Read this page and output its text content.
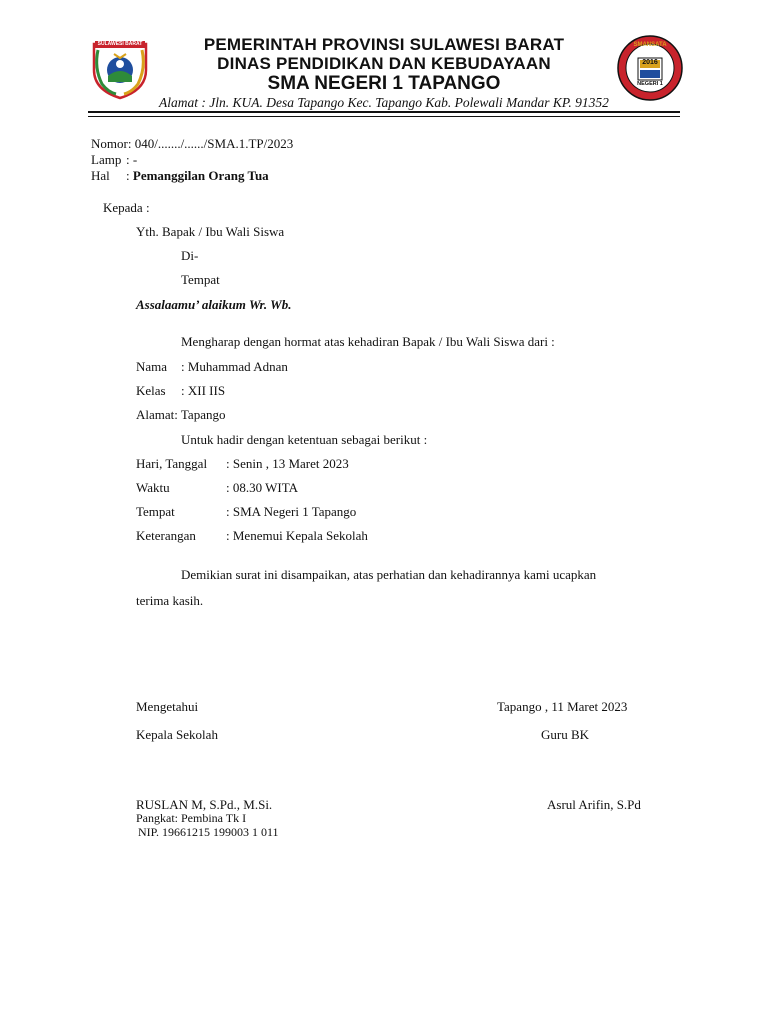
SULAWESI BARAT	SMANSATA
2016
NEGERI 1
PEMERINTAH PROVINSI SULAWESI BARAT
DINAS PENDIDIKAN DAN KEBUDAYAAN
SMA NEGERI 1 TAPANGO
Alamat : Jln. KUA. Desa Tapango Kec. Tapango Kab. Polewali Mandar KP. 91352
Nomor: 040/......./....../SMA.1.TP/2023
Lamp : -
Hal : Pemanggilan Orang Tua
Kepada :
Yth. Bapak / Ibu Wali Siswa
Di-
Tempat
Assalaamu’ alaikum Wr. Wb.
Mengharap dengan hormat atas kehadiran Bapak / Ibu Wali Siswa dari :
Nama : Muhammad Adnan
Kelas : XII IIS
Alamat: Tapango
Untuk hadir dengan ketentuan sebagai berikut :
Hari, Tanggal : Senin , 13 Maret 2023
Waktu	: 08.30 WITA
Tempat	: SMA Negeri 1 Tapango
Keterangan : Menemui Kepala Sekolah
Demikian surat ini disampaikan, atas perhatian dan kehadirannya kami ucapkan
terima kasih.
Mengetahui	Tapango , 11 Maret 2023
Kepala Sekolah	Guru BK
RUSLAN M, S.Pd., M.Si.	Asrul Arifin, S.Pd
Pangkat: Pembina Tk I
NIP. 19661215 199003 1 011
